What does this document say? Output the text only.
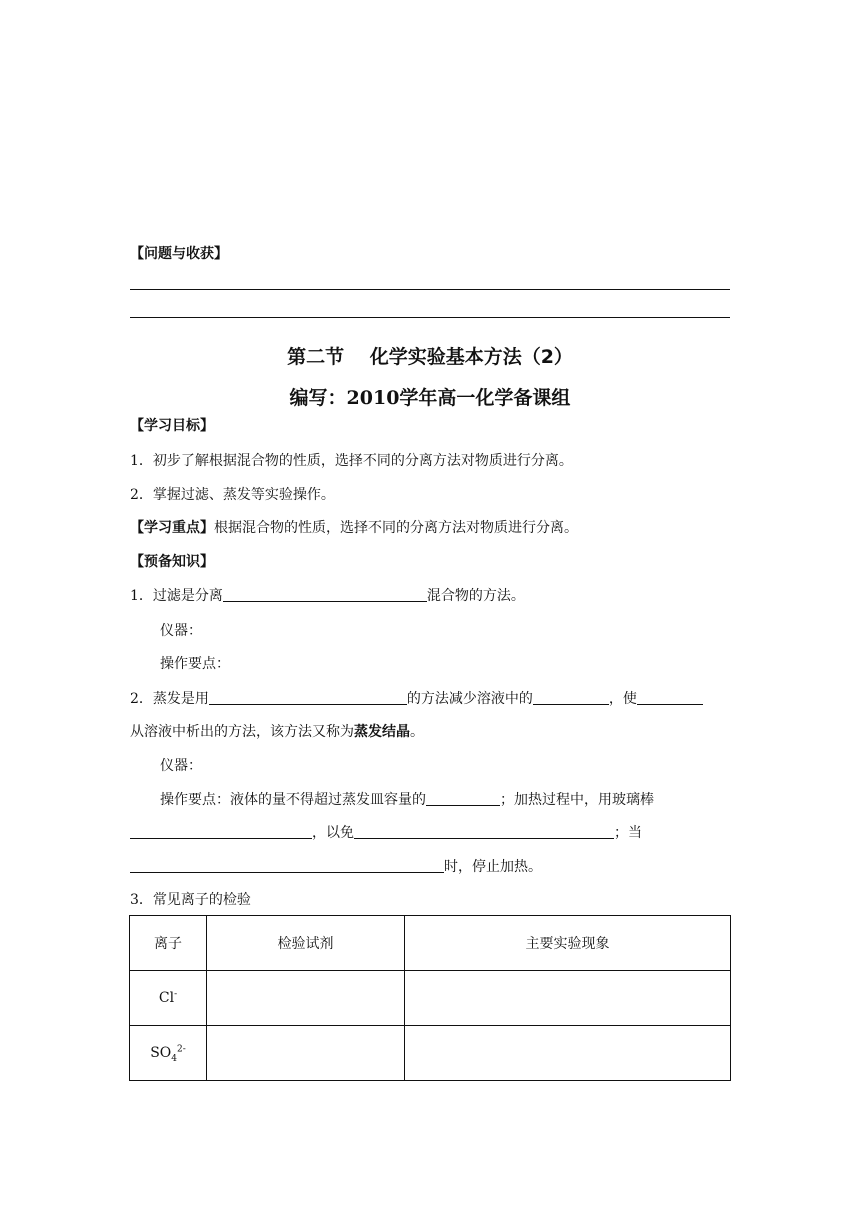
【问题与收获】
第二节　 化学实验基本方法（2）
编写：2010学年高一化学备课组
【学习目标】
1．初步了解根据混合物的性质，选择不同的分离方法对物质进行分离。
2．掌握过滤、蒸发等实验操作。
【学习重点】根据混合物的性质，选择不同的分离方法对物质进行分离。
【预备知识】
1．过滤是分离	混合物的方法。
仪器：
操作要点：
2．蒸发是用	的方法减少溶液中的	，使
从溶液中析出的方法，该方法又称为蒸发结晶。
仪器：
操作要点：液体的量不得超过蒸发皿容量的	；加热过程中，用玻璃棒
，以免	；当
时，停止加热。
3．常见离子的检验
离子	检验试剂	主要实验现象
Cl-		
$SO_4^{2-}$		
